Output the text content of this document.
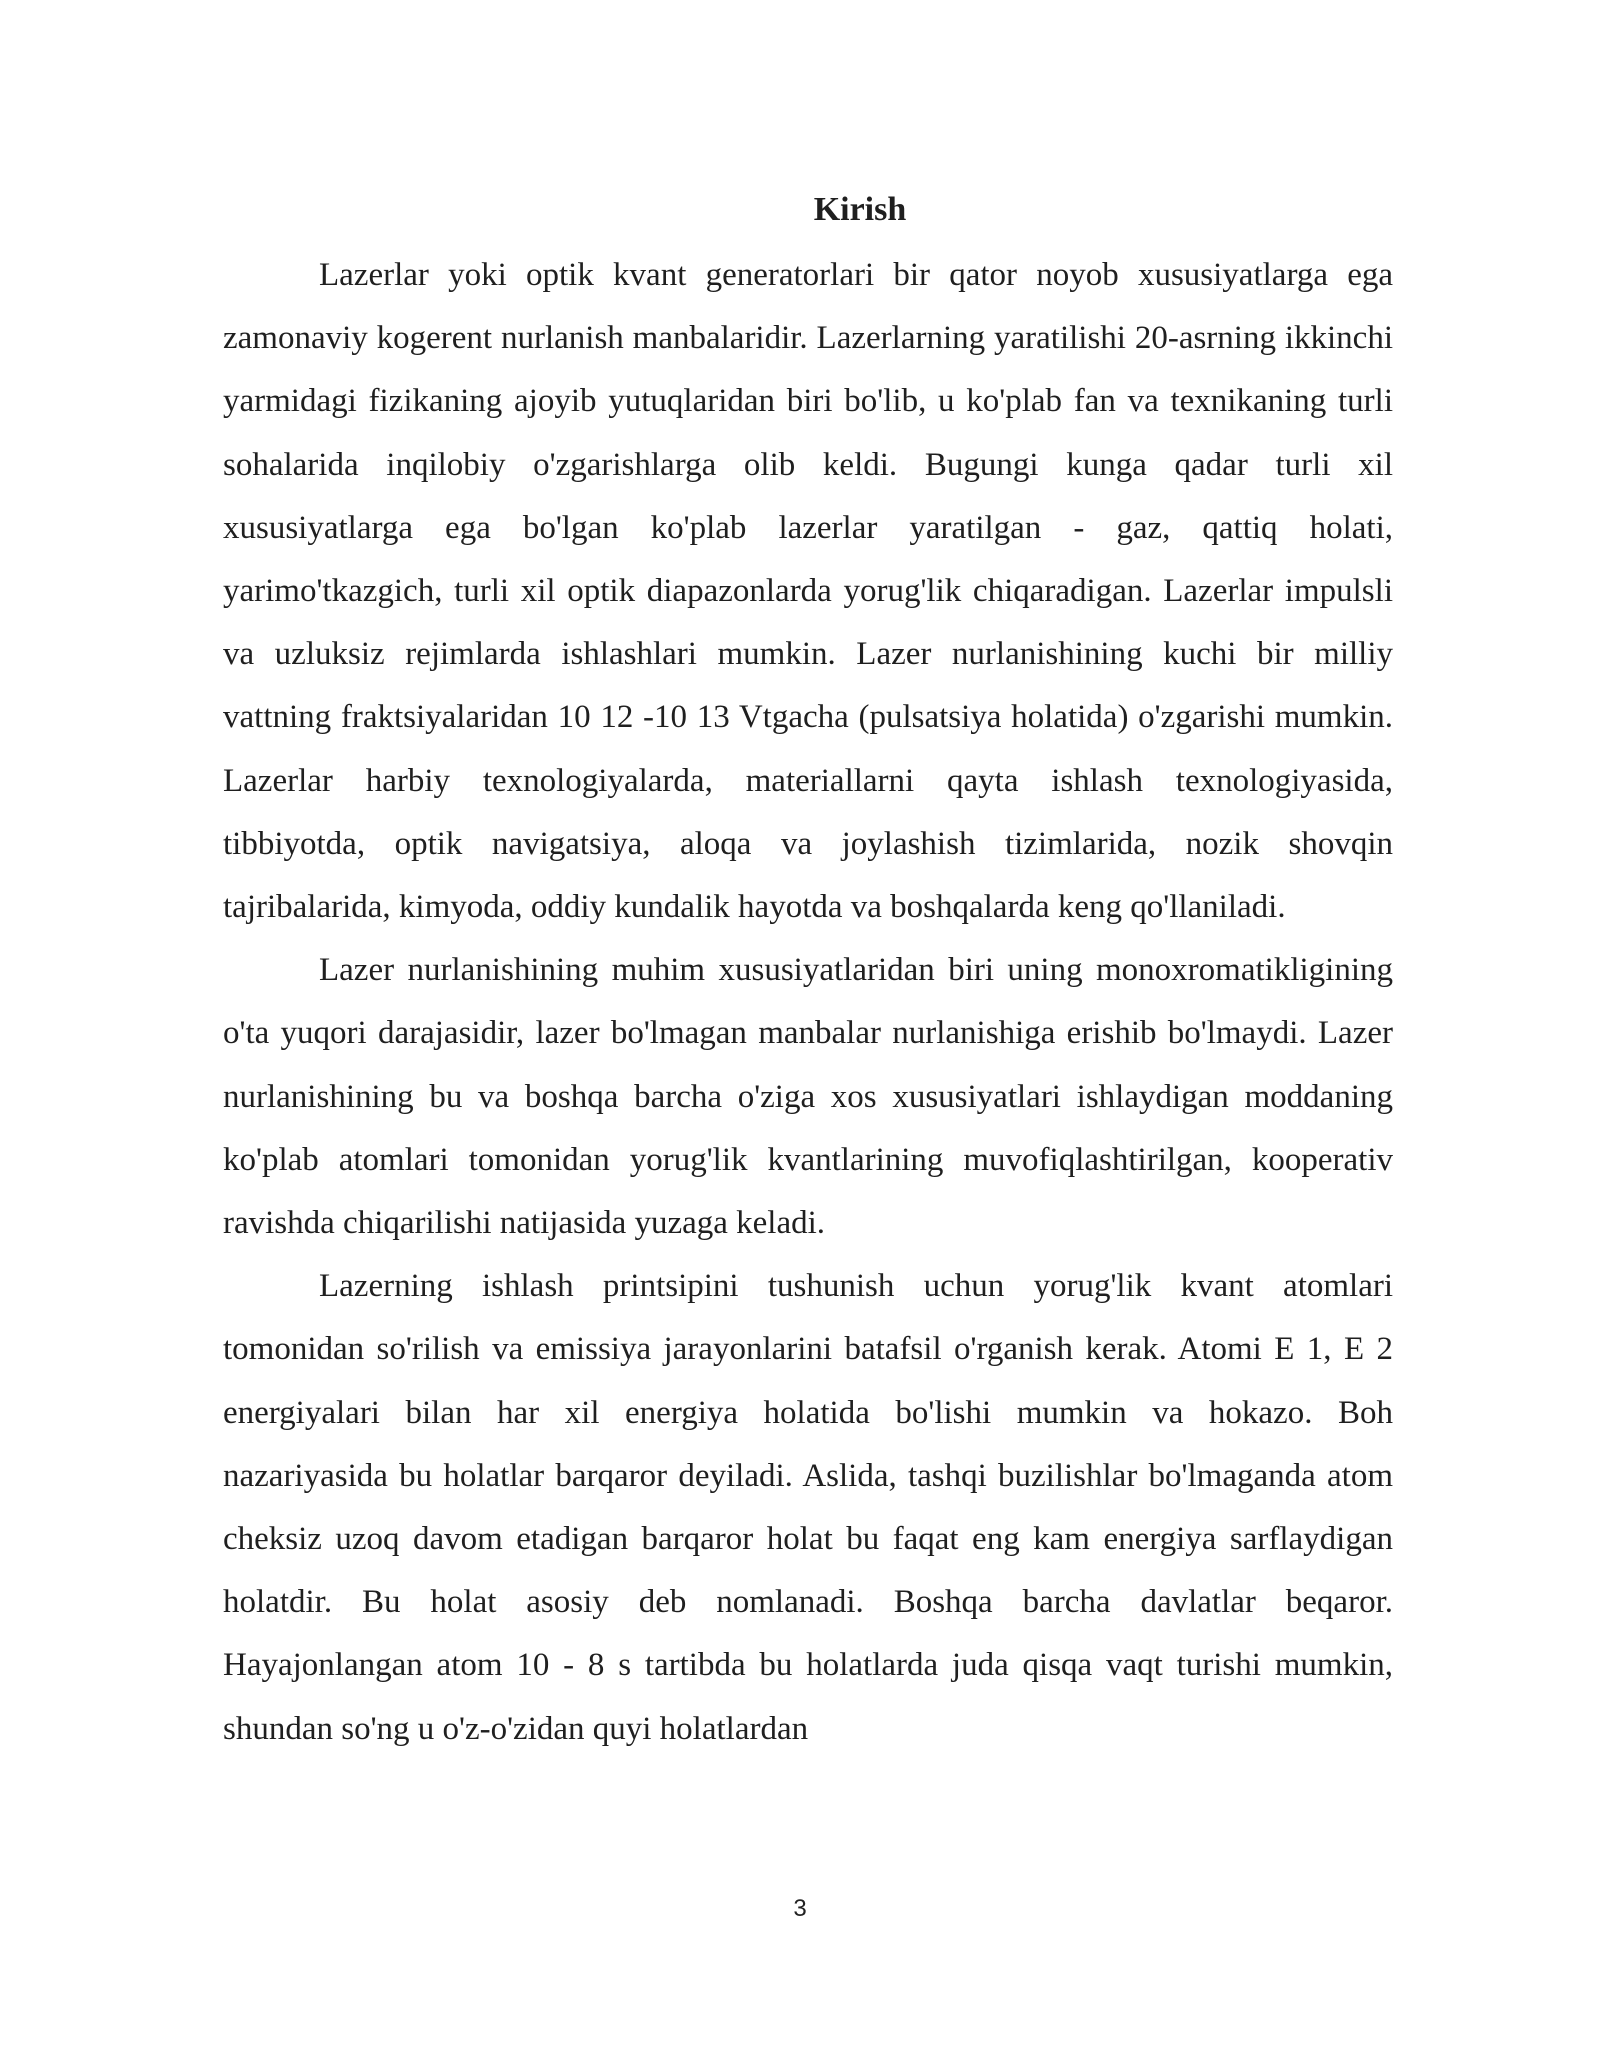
Kirish

Lazerlar yoki optik kvant generatorlari bir qator noyob xususiyatlarga ega zamonaviy kogerent nurlanish manbalaridir. Lazerlarning yaratilishi 20-asrning ikkinchi yarmidagi fizikaning ajoyib yutuqlaridan biri bo'lib, u ko'plab fan va texnikaning turli sohalarida inqilobiy o'zgarishlarga olib keldi. Bugungi kunga qadar turli xil xususiyatlarga ega bo'lgan ko'plab lazerlar yaratilgan - gaz, qattiq holati, yarimo'tkazgich, turli xil optik diapazonlarda yorug'lik chiqaradigan. Lazerlar impulsli va uzluksiz rejimlarda ishlashlari mumkin. Lazer nurlanishining kuchi bir milliy vattning fraktsiyalaridan 10 12 -10 13 Vtgacha (pulsatsiya holatida) o'zgarishi mumkin. Lazerlar harbiy texnologiyalarda, materiallarni qayta ishlash texnologiyasida, tibbiyotda, optik navigatsiya, aloqa va joylashish tizimlarida, nozik shovqin tajribalarida, kimyoda, oddiy kundalik hayotda va boshqalarda keng qo'llaniladi.

Lazer nurlanishining muhim xususiyatlaridan biri uning monoxromatikligining o'ta yuqori darajasidir, lazer bo'lmagan manbalar nurlanishiga erishib bo'lmaydi. Lazer nurlanishining bu va boshqa barcha o'ziga xos xususiyatlari ishlaydigan moddaning ko'plab atomlari tomonidan yorug'lik kvantlarining muvofiqlashtirilgan, kooperativ ravishda chiqarilishi natijasida yuzaga keladi.

Lazerning ishlash printsipini tushunish uchun yorug'lik kvant atomlari tomonidan so'rilish va emissiya jarayonlarini batafsil o'rganish kerak. Atomi E 1, E 2 energiyalari bilan har xil energiya holatida bo'lishi mumkin va hokazo. Boh nazariyasida bu holatlar barqaror deyiladi. Aslida, tashqi buzilishlar bo'lmaganda atom cheksiz uzoq davom etadigan barqaror holat bu faqat eng kam energiya sarflaydigan holatdir. Bu holat asosiy deb nomlanadi. Boshqa barcha davlatlar beqaror. Hayajonlangan atom 10 - 8 s tartibda bu holatlarda juda qisqa vaqt turishi mumkin, shundan so'ng u o'z-o'zidan quyi holatlardan

3
